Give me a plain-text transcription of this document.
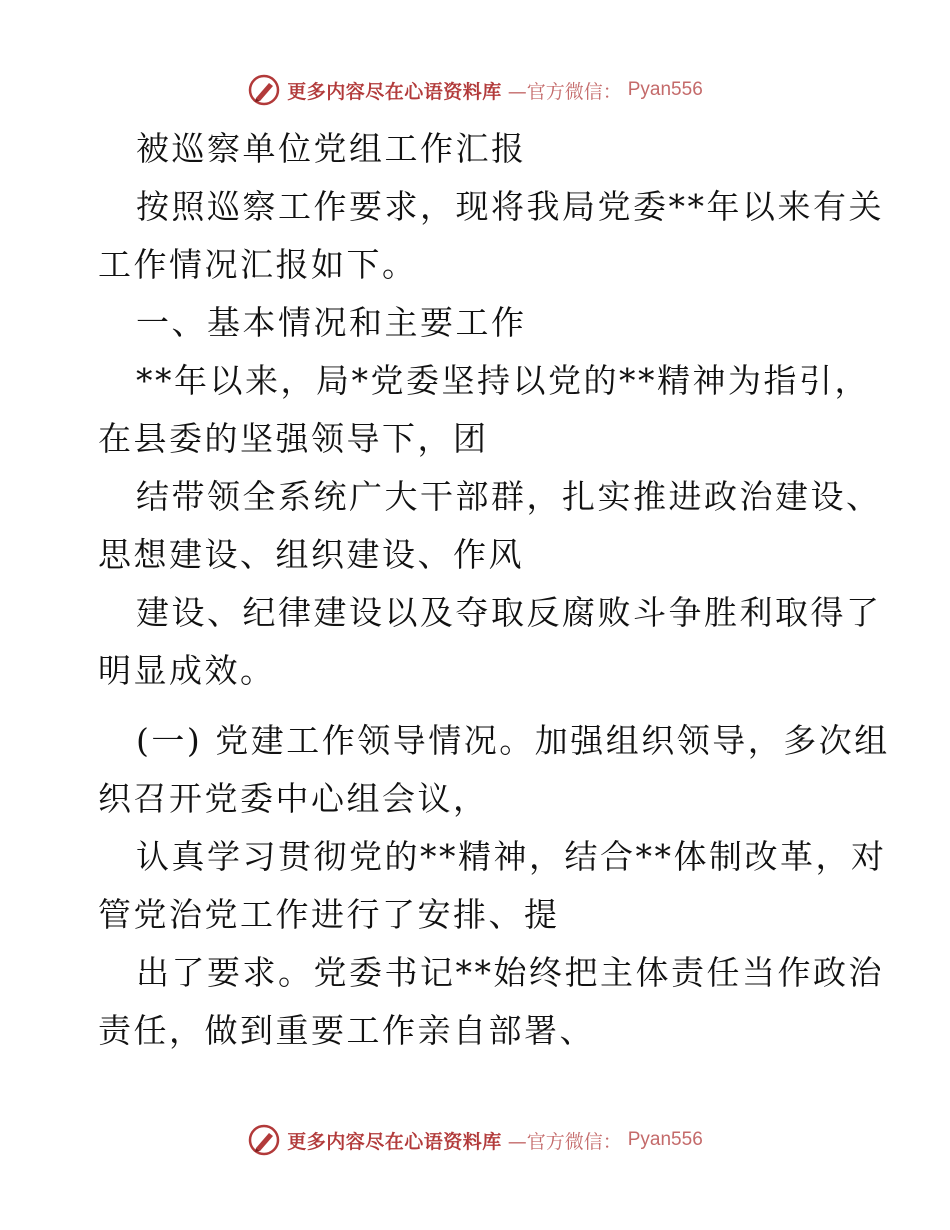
更多内容尽在心语资料库 —官方微信： Pyan556
被巡察单位党组工作汇报
按照巡察工作要求，现将我局党委**年以来有关
工作情况汇报如下。
一、基本情况和主要工作
**年以来，局*党委坚持以党的**精神为指引，
在县委的坚强领导下，团
结带领全系统广大干部群，扎实推进政治建设、
思想建设、组织建设、作风
建设、纪律建设以及夺取反腐败斗争胜利取得了
明显成效。
(一) 党建工作领导情况。加强组织领导，多次组
织召开党委中心组会议，
认真学习贯彻党的**精神，结合**体制改革，对
管党治党工作进行了安排、提
出了要求。党委书记**始终把主体责任当作政治
责任，做到重要工作亲自部署、
更多内容尽在心语资料库 —官方微信： Pyan556
